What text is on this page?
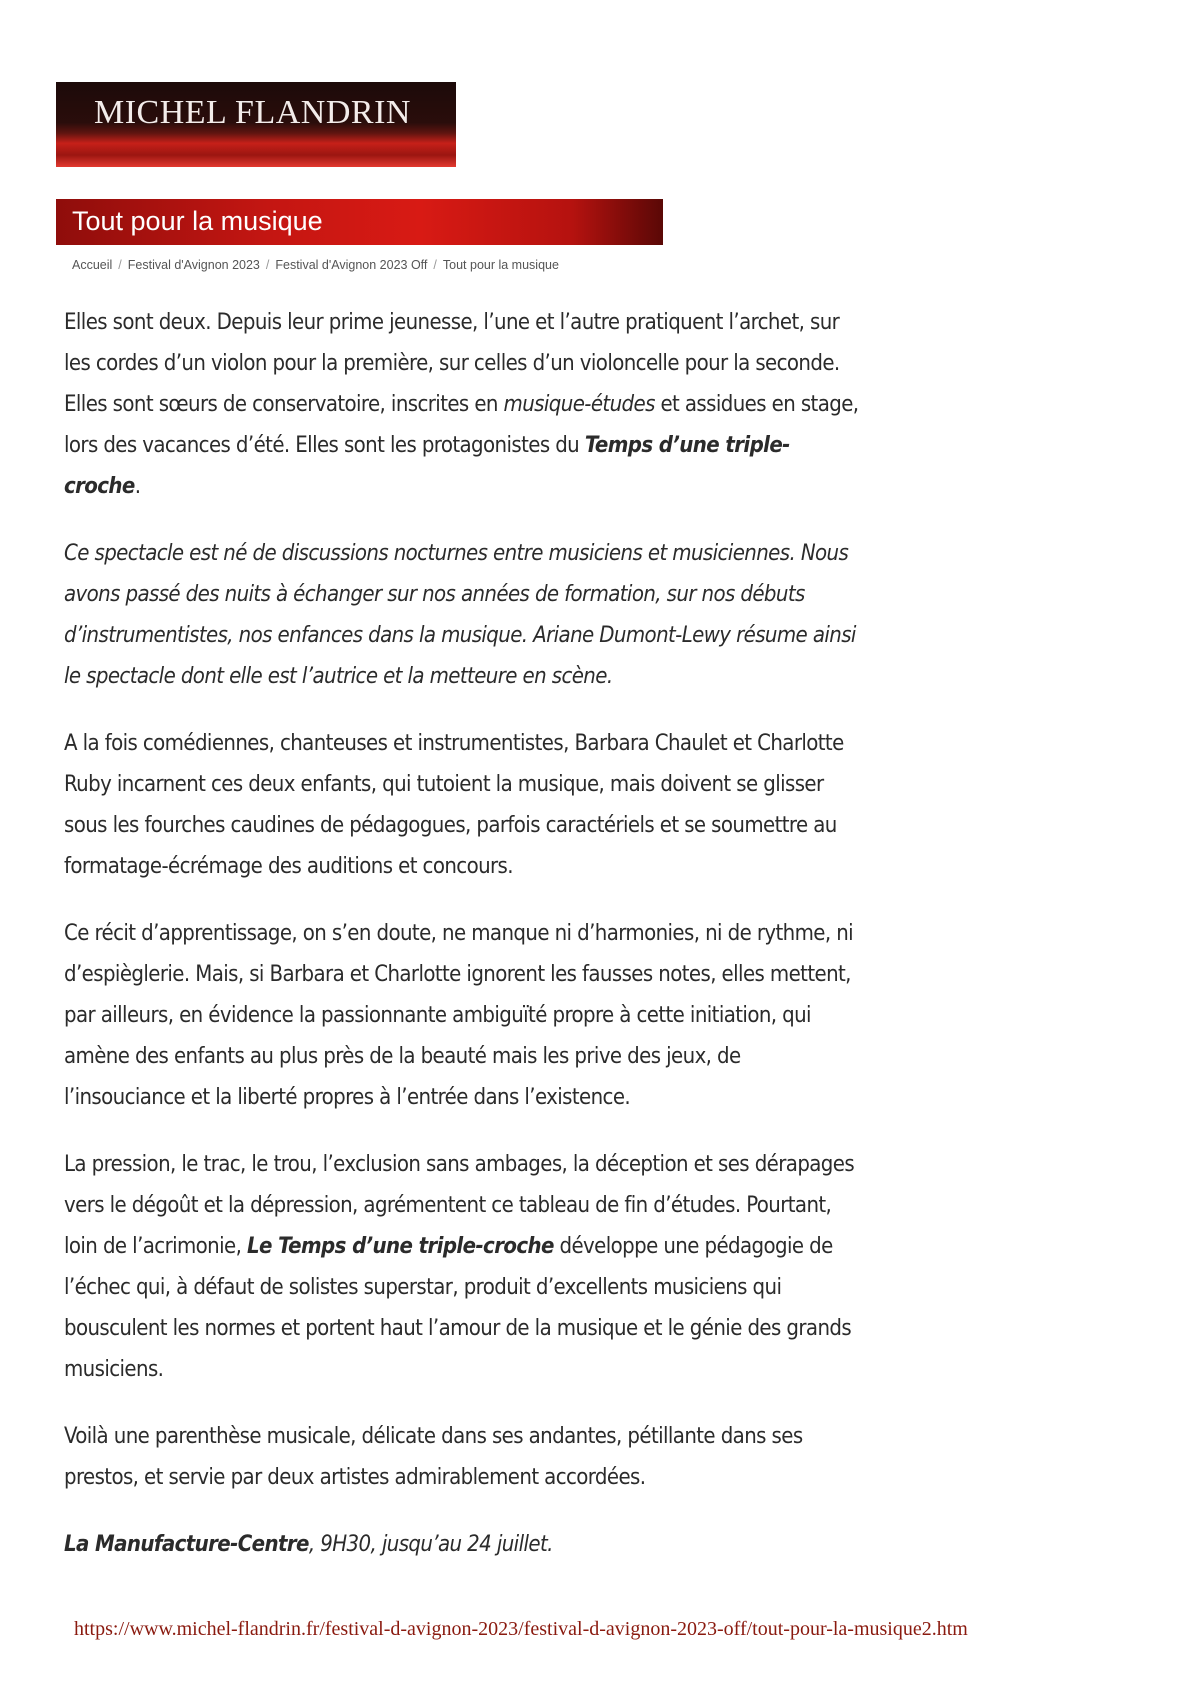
MICHEL FLANDRIN
Tout pour la musique
Accueil / Festival d'Avignon 2023 / Festival d'Avignon 2023 Off / Tout pour la musique

Elles sont deux. Depuis leur prime jeunesse, l’une et l’autre pratiquent l’archet, sur les cordes d’un violon pour la première, sur celles d’un violoncelle pour la seconde. Elles sont sœurs de conservatoire, inscrites en musique-études et assidues en stage, lors des vacances d’été. Elles sont les protagonistes du Temps d’une triple-croche.

Ce spectacle est né de discussions nocturnes entre musiciens et musiciennes. Nous avons passé des nuits à échanger sur nos années de formation, sur nos débuts d’instrumentistes, nos enfances dans la musique. Ariane Dumont-Lewy résume ainsi le spectacle dont elle est l’autrice et la metteure en scène.

A la fois comédiennes, chanteuses et instrumentistes, Barbara Chaulet et Charlotte Ruby incarnent ces deux enfants, qui tutoient la musique, mais doivent se glisser sous les fourches caudines de pédagogues, parfois caractériels et se soumettre au formatage-écrémage des auditions et concours.

Ce récit d’apprentissage, on s’en doute, ne manque ni d’harmonies, ni de rythme, ni d’espièglerie. Mais, si Barbara et Charlotte ignorent les fausses notes, elles mettent, par ailleurs, en évidence la passionnante ambiguïté propre à cette initiation, qui amène des enfants au plus près de la beauté mais les prive des jeux, de l’insouciance et la liberté propres à l’entrée dans l’existence.

La pression, le trac, le trou, l’exclusion sans ambages, la déception et ses dérapages vers le dégoût et la dépression, agrémentent ce tableau de fin d’études. Pourtant, loin de l’acrimonie, Le Temps d’une triple-croche développe une pédagogie de l’échec qui, à défaut de solistes superstar, produit d’excellents musiciens qui bousculent les normes et portent haut l’amour de la musique et le génie des grands musiciens.

Voilà une parenthèse musicale, délicate dans ses andantes, pétillante dans ses prestos, et servie par deux artistes admirablement accordées.

La Manufacture-Centre, 9H30, jusqu’au 24 juillet.

https://www.michel-flandrin.fr/festival-d-avignon-2023/festival-d-avignon-2023-off/tout-pour-la-musique2.htm
